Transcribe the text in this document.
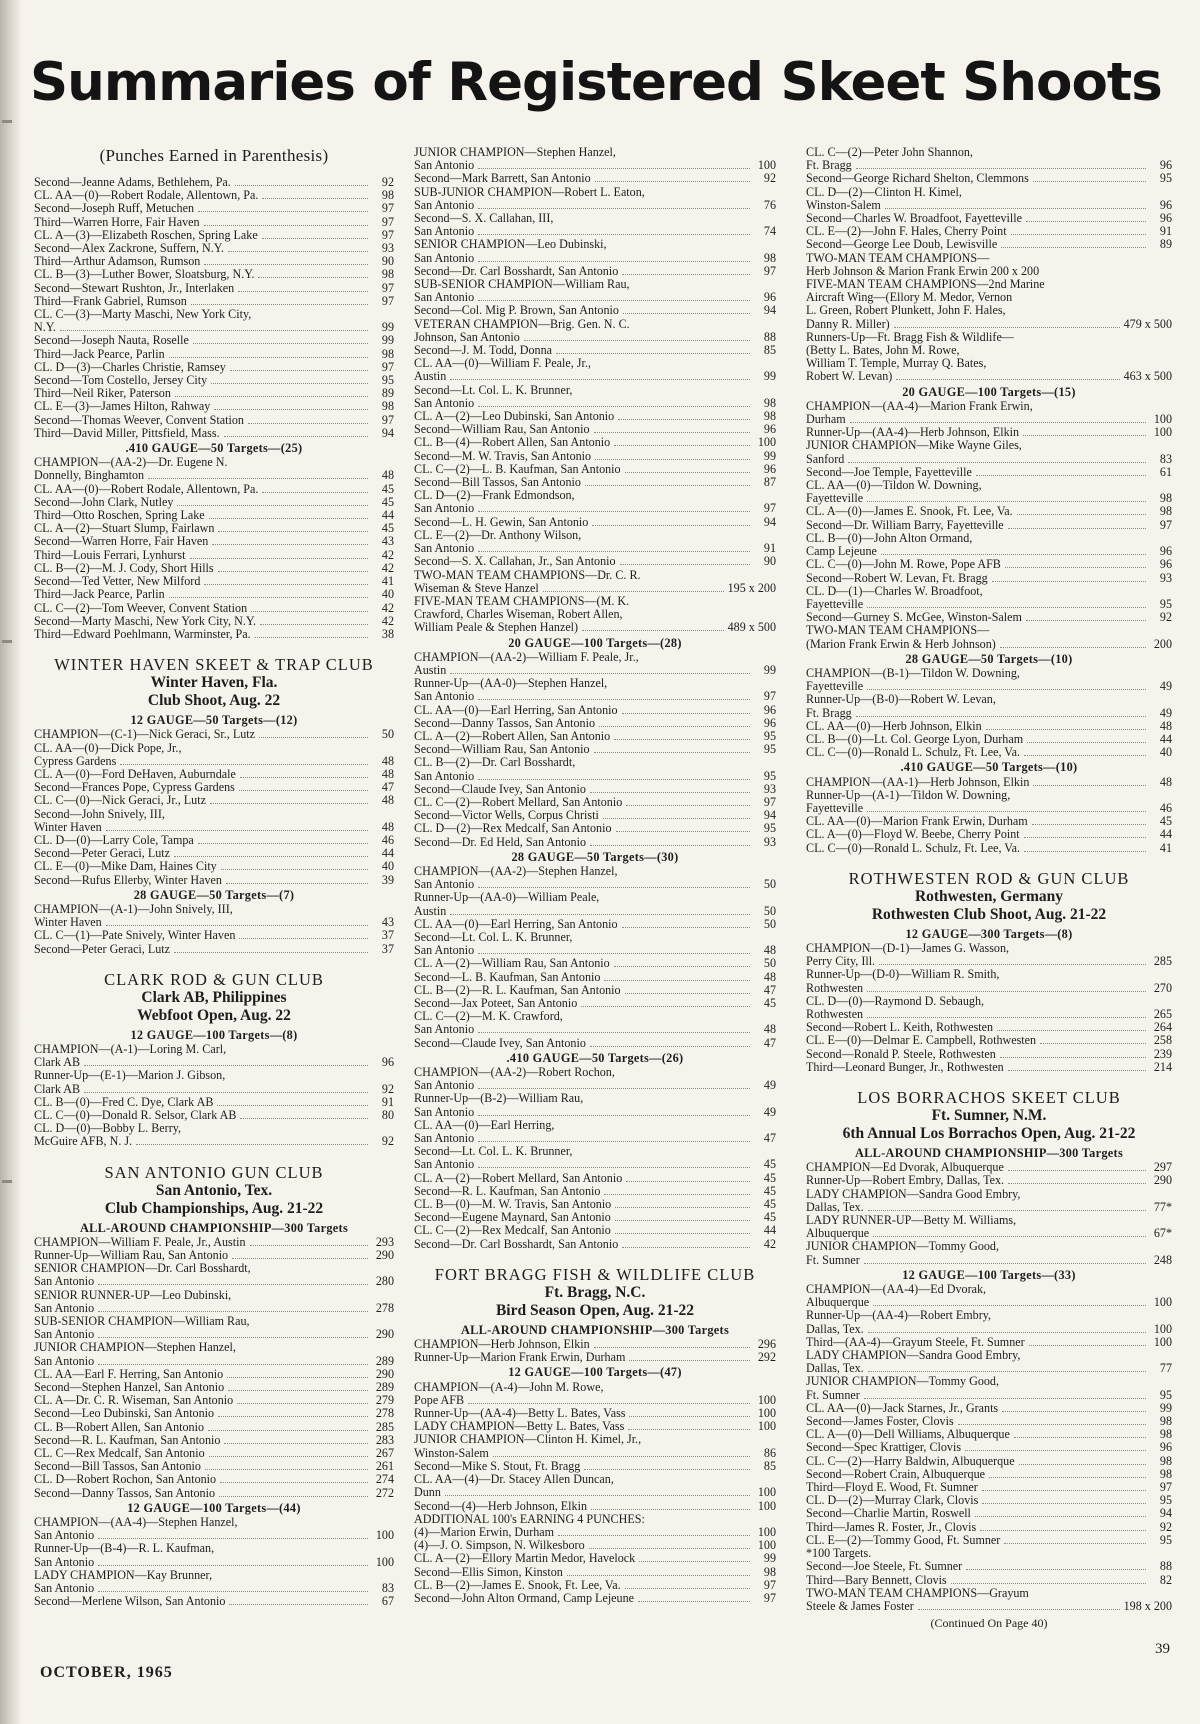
Summaries of Registered Skeet Shoots
(Punches Earned in Parenthesis)
Second—Jeanne Adams, Bethlehem, Pa.	92
CL. AA—(0)—Robert Rodale, Allentown, Pa.	98
Second—Joseph Ruff, Metuchen	97
Third—Warren Horre, Fair Haven	97
CL. A—(3)—Elizabeth Roschen, Spring Lake	97
Second—Alex Zackrone, Suffern, N.Y.	93
Third—Arthur Adamson, Rumson	90
CL. B—(3)—Luther Bower, Sloatsburg, N.Y.	98
Second—Stewart Rushton, Jr., Interlaken	97
Third—Frank Gabriel, Rumson	97
CL. C—(3)—Marty Maschi, New York City,
N.Y.	99
Second—Joseph Nauta, Roselle	99
Third—Jack Pearce, Parlin	98
CL. D—(3)—Charles Christie, Ramsey	97
Second—Tom Costello, Jersey City	95
Third—Neil Riker, Paterson	89
CL. E—(3)—James Hilton, Rahway	98
Second—Thomas Weever, Convent Station	97
Third—David Miller, Pittsfield, Mass.	94
.410 GAUGE—50 Targets—(25)
CHAMPION—(AA-2)—Dr. Eugene N.
Donnelly, Binghamton	48
CL. AA—(0)—Robert Rodale, Allentown, Pa.	45
Second—John Clark, Nutley	45
Third—Otto Roschen, Spring Lake	44
CL. A—(2)—Stuart Slump, Fairlawn	45
Second—Warren Horre, Fair Haven	43
Third—Louis Ferrari, Lynhurst	42
CL. B—(2)—M. J. Cody, Short Hills	42
Second—Ted Vetter, New Milford	41
Third—Jack Pearce, Parlin	40
CL. C—(2)—Tom Weever, Convent Station	42
Second—Marty Maschi, New York City, N.Y.	42
Third—Edward Poehlmann, Warminster, Pa.	38
WINTER HAVEN SKEET & TRAP CLUB
Winter Haven, Fla.
Club Shoot, Aug. 22
12 GAUGE—50 Targets—(12)
CHAMPION—(C-1)—Nick Geraci, Sr., Lutz	50
CL. AA—(0)—Dick Pope, Jr.,
Cypress Gardens	48
CL. A—(0)—Ford DeHaven, Auburndale	48
Second—Frances Pope, Cypress Gardens	47
CL. C—(0)—Nick Geraci, Jr., Lutz	48
Second—John Snively, III,
Winter Haven	48
CL. D—(0)—Larry Cole, Tampa	46
Second—Peter Geraci, Lutz	44
CL. E—(0)—Mike Dam, Haines City	40
Second—Rufus Ellerby, Winter Haven	39
28 GAUGE—50 Targets—(7)
CHAMPION—(A-1)—John Snively, III,
Winter Haven	43
CL. C—(1)—Pate Snively, Winter Haven	37
Second—Peter Geraci, Lutz	37
CLARK ROD & GUN CLUB
Clark AB, Philippines
Webfoot Open, Aug. 22
12 GAUGE—100 Targets—(8)
CHAMPION—(A-1)—Loring M. Carl,
Clark AB	96
Runner-Up—(E-1)—Marion J. Gibson,
Clark AB	92
CL. B—(0)—Fred C. Dye, Clark AB	91
CL. C—(0)—Donald R. Selsor, Clark AB	80
CL. D—(0)—Bobby L. Berry,
McGuire AFB, N. J.	92
SAN ANTONIO GUN CLUB
San Antonio, Tex.
Club Championships, Aug. 21-22
ALL-AROUND CHAMPIONSHIP—300 Targets
CHAMPION—William F. Peale, Jr., Austin	293
Runner-Up—William Rau, San Antonio	290
SENIOR CHAMPION—Dr. Carl Bosshardt,
San Antonio	280
SENIOR RUNNER-UP—Leo Dubinski,
San Antonio	278
SUB-SENIOR CHAMPION—William Rau,
San Antonio	290
JUNIOR CHAMPION—Stephen Hanzel,
San Antonio	289
CL. AA—Earl F. Herring, San Antonio	290
Second—Stephen Hanzel, San Antonio	289
CL. A—Dr. C. R. Wiseman, San Antonio	279
Second—Leo Dubinski, San Antonio	278
CL. B—Robert Allen, San Antonio	285
Second—R. L. Kaufman, San Antonio	283
CL. C—Rex Medcalf, San Antonio	267
Second—Bill Tassos, San Antonio	261
CL. D—Robert Rochon, San Antonio	274
Second—Danny Tassos, San Antonio	272
12 GAUGE—100 Targets—(44)
CHAMPION—(AA-4)—Stephen Hanzel,
San Antonio	100
Runner-Up—(B-4)—R. L. Kaufman,
San Antonio	100
LADY CHAMPION—Kay Brunner,
San Antonio	83
Second—Merlene Wilson, San Antonio	67
JUNIOR CHAMPION—Stephen Hanzel,
San Antonio	100
Second—Mark Barrett, San Antonio	92
SUB-JUNIOR CHAMPION—Robert L. Eaton,
San Antonio	76
Second—S. X. Callahan, III,
San Antonio	74
SENIOR CHAMPION—Leo Dubinski,
San Antonio	98
Second—Dr. Carl Bosshardt, San Antonio	97
SUB-SENIOR CHAMPION—William Rau,
San Antonio	96
Second—Col. Mig P. Brown, San Antonio	94
VETERAN CHAMPION—Brig. Gen. N. C.
Johnson, San Antonio	88
Second—J. M. Todd, Donna	85
CL. AA—(0)—William F. Peale, Jr.,
Austin	99
Second—Lt. Col. L. K. Brunner,
San Antonio	98
CL. A—(2)—Leo Dubinski, San Antonio	98
Second—William Rau, San Antonio	96
CL. B—(4)—Robert Allen, San Antonio	100
Second—M. W. Travis, San Antonio	99
CL. C—(2)—L. B. Kaufman, San Antonio	96
Second—Bill Tassos, San Antonio	87
CL. D—(2)—Frank Edmondson,
San Antonio	97
Second—L. H. Gewin, San Antonio	94
CL. E—(2)—Dr. Anthony Wilson,
San Antonio	91
Second—S. X. Callahan, Jr., San Antonio	90
TWO-MAN TEAM CHAMPIONS—Dr. C. R.
Wiseman & Steve Hanzel	195 x 200
FIVE-MAN TEAM CHAMPIONS—(M. K.
Crawford, Charles Wiseman, Robert Allen,
William Peale & Stephen Hanzel)	489 x 500
20 GAUGE—100 Targets—(28)
CHAMPION—(AA-2)—William F. Peale, Jr.,
Austin	99
Runner-Up—(AA-0)—Stephen Hanzel,
San Antonio	97
CL. AA—(0)—Earl Herring, San Antonio	96
Second—Danny Tassos, San Antonio	96
CL. A—(2)—Robert Allen, San Antonio	95
Second—William Rau, San Antonio	95
CL. B—(2)—Dr. Carl Bosshardt,
San Antonio	95
Second—Claude Ivey, San Antonio	93
CL. C—(2)—Robert Mellard, San Antonio	97
Second—Victor Wells, Corpus Christi	94
CL. D—(2)—Rex Medcalf, San Antonio	95
Second—Dr. Ed Held, San Antonio	93
28 GAUGE—50 Targets—(30)
CHAMPION—(AA-2)—Stephen Hanzel,
San Antonio	50
Runner-Up—(AA-0)—William Peale,
Austin	50
CL. AA—(0)—Earl Herring, San Antonio	50
Second—Lt. Col. L. K. Brunner,
San Antonio	48
CL. A—(2)—William Rau, San Antonio	50
Second—L. B. Kaufman, San Antonio	48
CL. B—(2)—R. L. Kaufman, San Antonio	47
Second—Jax Poteet, San Antonio	45
CL. C—(2)—M. K. Crawford,
San Antonio	48
Second—Claude Ivey, San Antonio	47
.410 GAUGE—50 Targets—(26)
CHAMPION—(AA-2)—Robert Rochon,
San Antonio	49
Runner-Up—(B-2)—William Rau,
San Antonio	49
CL. AA—(0)—Earl Herring,
San Antonio	47
Second—Lt. Col. L. K. Brunner,
San Antonio	45
CL. A—(2)—Robert Mellard, San Antonio	45
Second—R. L. Kaufman, San Antonio	45
CL. B—(0)—M. W. Travis, San Antonio	45
Second—Eugene Maynard, San Antonio	45
CL. C—(2)—Rex Medcalf, San Antonio	44
Second—Dr. Carl Bosshardt, San Antonio	42
FORT BRAGG FISH & WILDLIFE CLUB
Ft. Bragg, N.C.
Bird Season Open, Aug. 21-22
ALL-AROUND CHAMPIONSHIP—300 Targets
CHAMPION—Herb Johnson, Elkin	296
Runner-Up—Marion Frank Erwin, Durham	292
12 GAUGE—100 Targets—(47)
CHAMPION—(A-4)—John M. Rowe,
Pope AFB	100
Runner-Up—(AA-4)—Betty L. Bates, Vass	100
LADY CHAMPION—Betty L. Bates, Vass	100
JUNIOR CHAMPION—Clinton H. Kimel, Jr.,
Winston-Salem	86
Second—Mike S. Stout, Ft. Bragg	85
CL. AA—(4)—Dr. Stacey Allen Duncan,
Dunn	100
Second—(4)—Herb Johnson, Elkin	100
ADDITIONAL 100's EARNING 4 PUNCHES:
(4)—Marion Erwin, Durham	100
(4)—J. O. Simpson, N. Wilkesboro	100
CL. A—(2)—Ellory Martin Medor, Havelock	99
Second—Ellis Simon, Kinston	98
CL. B—(2)—James E. Snook, Ft. Lee, Va.	97
Second—John Alton Ormand, Camp Lejeune	97
CL. C—(2)—Peter John Shannon,
Ft. Bragg	96
Second—George Richard Shelton, Clemmons	95
CL. D—(2)—Clinton H. Kimel,
Winston-Salem	96
Second—Charles W. Broadfoot, Fayetteville	96
CL. E—(2)—John F. Hales, Cherry Point	91
Second—George Lee Doub, Lewisville	89
TWO-MAN TEAM CHAMPIONS—
Herb Johnson & Marion Frank Erwin 200 x 200
FIVE-MAN TEAM CHAMPIONS—2nd Marine
Aircraft Wing—(Ellory M. Medor, Vernon
L. Green, Robert Plunkett, John F. Hales,
Danny R. Miller)	479 x 500
Runners-Up—Ft. Bragg Fish & Wildlife—
(Betty L. Bates, John M. Rowe,
William T. Temple, Murray Q. Bates,
Robert W. Levan)	463 x 500
20 GAUGE—100 Targets—(15)
CHAMPION—(AA-4)—Marion Frank Erwin,
Durham	100
Runner-Up—(AA-4)—Herb Johnson, Elkin	100
JUNIOR CHAMPION—Mike Wayne Giles,
Sanford	83
Second—Joe Temple, Fayetteville	61
CL. AA—(0)—Tildon W. Downing,
Fayetteville	98
CL. A—(0)—James E. Snook, Ft. Lee, Va.	98
Second—Dr. William Barry, Fayetteville	97
CL. B—(0)—John Alton Ormand,
Camp Lejeune	96
CL. C—(0)—John M. Rowe, Pope AFB	96
Second—Robert W. Levan, Ft. Bragg	93
CL. D—(1)—Charles W. Broadfoot,
Fayetteville	95
Second—Gurney S. McGee, Winston-Salem	92
TWO-MAN TEAM CHAMPIONS—
(Marion Frank Erwin & Herb Johnson)	200
28 GAUGE—50 Targets—(10)
CHAMPION—(B-1)—Tildon W. Downing,
Fayetteville	49
Runner-Up—(B-0)—Robert W. Levan,
Ft. Bragg	49
CL. AA—(0)—Herb Johnson, Elkin	48
CL. B—(0)—Lt. Col. George Lyon, Durham	44
CL. C—(0)—Ronald L. Schulz, Ft. Lee, Va.	40
.410 GAUGE—50 Targets—(10)
CHAMPION—(AA-1)—Herb Johnson, Elkin	48
Runner-Up—(A-1)—Tildon W. Downing,
Fayetteville	46
CL. AA—(0)—Marion Frank Erwin, Durham	45
CL. A—(0)—Floyd W. Beebe, Cherry Point	44
CL. C—(0)—Ronald L. Schulz, Ft. Lee, Va.	41
ROTHWESTEN ROD & GUN CLUB
Rothwesten, Germany
Rothwesten Club Shoot, Aug. 21-22
12 GAUGE—300 Targets—(8)
CHAMPION—(D-1)—James G. Wasson,
Perry City, Ill.	285
Runner-Up—(D-0)—William R. Smith,
Rothwesten	270
CL. D—(0)—Raymond D. Sebaugh,
Rothwesten	265
Second—Robert L. Keith, Rothwesten	264
CL. E—(0)—Delmar E. Campbell, Rothwesten	258
Second—Ronald P. Steele, Rothwesten	239
Third—Leonard Bunger, Jr., Rothwesten	214
LOS BORRACHOS SKEET CLUB
Ft. Sumner, N.M.
6th Annual Los Borrachos Open, Aug. 21-22
ALL-AROUND CHAMPIONSHIP—300 Targets
CHAMPION—Ed Dvorak, Albuquerque	297
Runner-Up—Robert Embry, Dallas, Tex.	290
LADY CHAMPION—Sandra Good Embry,
Dallas, Tex.	77*
LADY RUNNER-UP—Betty M. Williams,
Albuquerque	67*
JUNIOR CHAMPION—Tommy Good,
Ft. Sumner	248
12 GAUGE—100 Targets—(33)
CHAMPION—(AA-4)—Ed Dvorak,
Albuquerque	100
Runner-Up—(AA-4)—Robert Embry,
Dallas, Tex.	100
Third—(AA-4)—Grayum Steele, Ft. Sumner	100
LADY CHAMPION—Sandra Good Embry,
Dallas, Tex.	77
JUNIOR CHAMPION—Tommy Good,
Ft. Sumner	95
CL. AA—(0)—Jack Starnes, Jr., Grants	99
Second—James Foster, Clovis	98
CL. A—(0)—Dell Williams, Albuquerque	98
Second—Spec Krattiger, Clovis	96
CL. C—(2)—Harry Baldwin, Albuquerque	98
Second—Robert Crain, Albuquerque	98
Third—Floyd E. Wood, Ft. Sumner	97
CL. D—(2)—Murray Clark, Clovis	95
Second—Charlie Martin, Roswell	94
Third—James R. Foster, Jr., Clovis	92
CL. E—(2)—Tommy Good, Ft. Sumner	95
*100 Targets.
Second—Joe Steele, Ft. Sumner	88
Third—Bary Bennett, Clovis	82
TWO-MAN TEAM CHAMPIONS—Grayum
Steele & James Foster	198 x 200
(Continued On Page 40)
OCTOBER, 1965
39
